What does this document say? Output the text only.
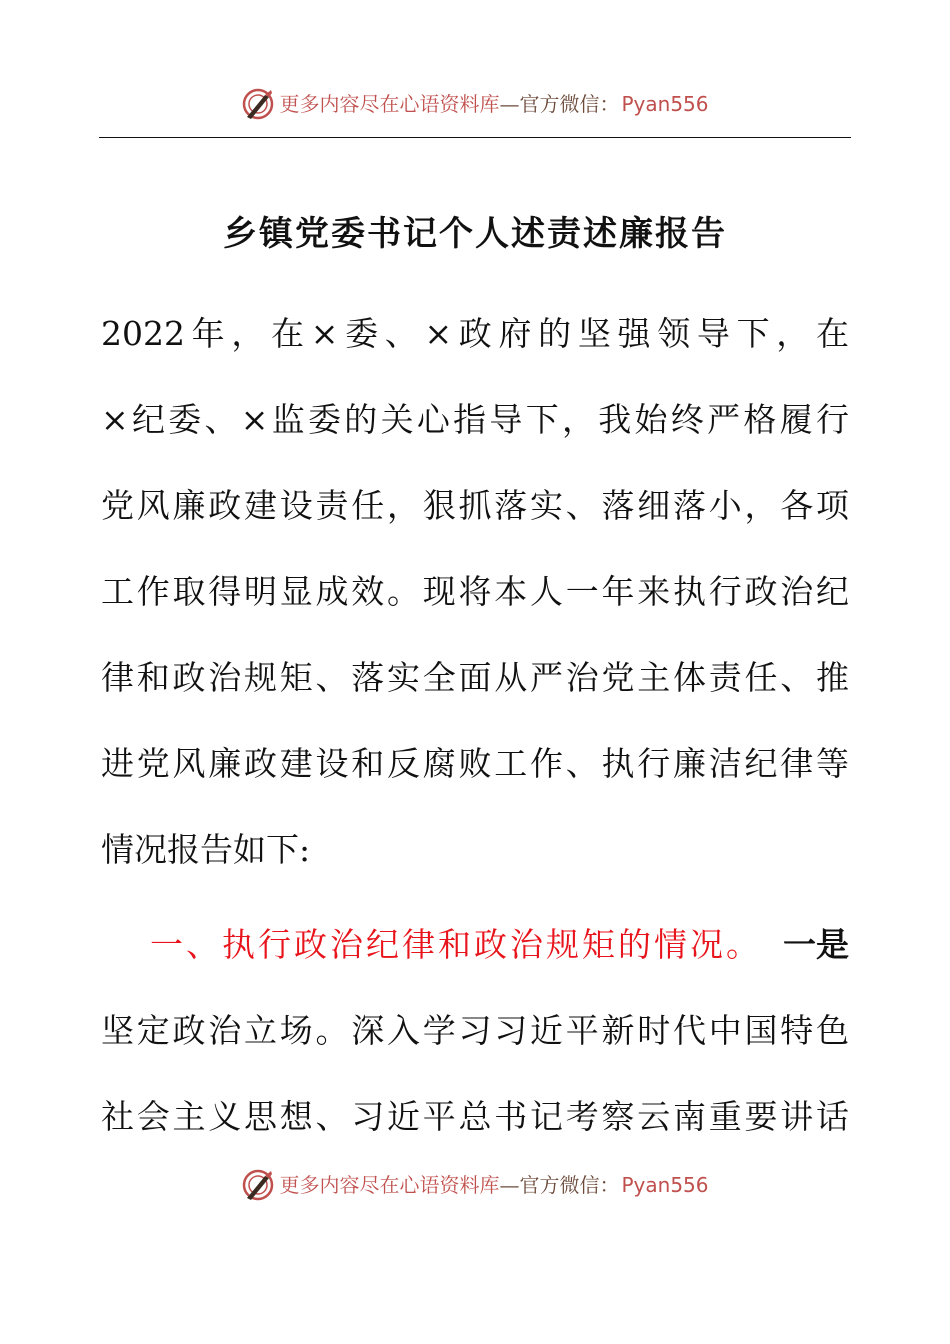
更多内容尽在心语资料库 — 官方微信： Pyan556
乡镇党委书记个人述责述廉报告
2022 年 ， 在 × 委 、 × 政 府 的 坚 强 领 导 下 ， 在
× 纪 委 、 × 监 委 的 关 心 指 导 下 ， 我 始 终 严 格 履 行
党 风 廉 政 建 设 责 任 ， 狠 抓 落 实 、 落 细 落 小 ， 各 项
工 作 取 得 明 显 成 效 。 现 将 本 人 一 年 来 执 行 政 治 纪
律 和 政 治 规 矩 、 落 实 全 面 从 严 治 党 主 体 责 任 、 推
进 党 风 廉 政 建 设 和 反 腐 败 工 作 、 执 行 廉 洁 纪 律 等
情况报告如下:
一、执行政治纪律和政治规矩的情况。 一是
坚 定 政 治 立 场 。 深 入 学 习 习 近 平 新 时 代 中 国 特 色
社 会 主 义 思 想 、 习 近 平 总 书 记 考 察 云 南 重 要 讲 话
更多内容尽在心语资料库 — 官方微信： Pyan556
